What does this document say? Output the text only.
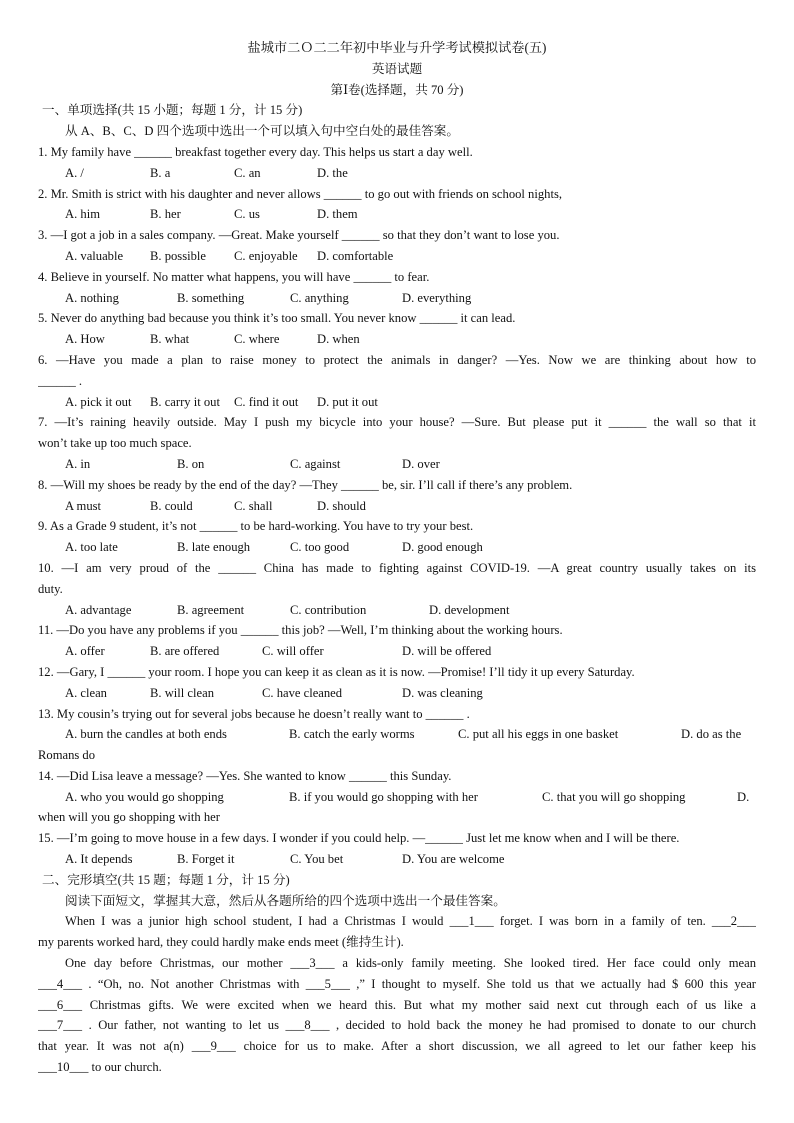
盐城市二Ｏ二二年初中毕业与升学考试模拟试卷(五)
英语试题
第Ⅰ卷(选择题，共 70 分)
一、单项选择(共 15 小题；每题 1 分，计 15 分)
从 A、B、C、D 四个选项中选出一个可以填入句中空白处的最佳答案。
1. My family have ______ breakfast together every day. This helps us start a day well.
A. /	B. a	C. an	D. the
2. Mr. Smith is strict with his daughter and never allows ______ to go out with friends on school nights,
A. him	B. her	C. us	D. them
3. —I got a job in a sales company. —Great. Make yourself ______ so that they don’t want to lose you.
A. valuable B. possible C. enjoyable D. comfortable
4. Believe in yourself. No matter what happens, you will have ______ to fear.
A. nothing	B. something	C. anything	D. everything
5. Never do anything bad because you think it’s too small. You never know ______ it can lead.
A. How	B. what	C. where	D. when
6. —Have you made a plan to raise money to protect the animals in danger? —Yes. Now we are thinking about how to
______ .
A. pick it out B. carry it out C. find it out D. put it out
7. —It’s raining heavily outside. May I push my bicycle into your house? —Sure. But please put it ______ the wall so that it
won’t take up too much space.
A. in	B. on	C. against	D. over
8. —Will my shoes be ready by the end of the day? —They ______ be, sir. I’ll call if there’s any problem.
A must	B. could	C. shall	D. should
9. As a Grade 9 student, it’s not ______ to be hard-working. You have to try your best.
A. too late	B. late enough	C. too good	D. good enough
10. —I am very proud of the ______ China has made to fighting against COVID-19. —A great country usually takes on its
duty.
A. advantage	B. agreement	C. contribution	D. development
11. —Do you have any problems if you ______ this job? —Well, I’m thinking about the working hours.
A. offer	B. are offered	C. will offer	D. will be offered
12. —Gary, I ______ your room. I hope you can keep it as clean as it is now. —Promise! I’ll tidy it up every Saturday.
A. clean	B. will clean	C. have cleaned	D. was cleaning
13. My cousin’s trying out for several jobs because he doesn’t really want to ______ .
A. burn the candles at both ends	B. catch the early worms	C. put all his eggs in one basket	D. do as the
Romans do
14. —Did Lisa leave a message? —Yes. She wanted to know ______ this Sunday.
A. who you would go shopping	B. if you would go shopping with her	C. that you will go shopping	D.
when will you go shopping with her
15. —I’m going to move house in a few days. I wonder if you could help. —______ Just let me know when and I will be there.
A. It depends	B. Forget it	C. You bet	D. You are welcome
二、完形填空(共 15 题；每题 1 分，计 15 分)
阅读下面短文，掌握其大意，然后从各题所给的四个选项中选出一个最佳答案。
When I was a junior high school student, I had a Christmas I would ___1___ forget. I was born in a family of ten. ___2___
my parents worked hard, they could hardly make ends meet (维持生计).
One day before Christmas, our mother ___3___ a kids-only family meeting. She looked tired. Her face could only mean
___4___ . “Oh, no. Not another Christmas with ___5___ ,” I thought to myself. She told us that we actually had $ 600 this year
___6___ Christmas gifts. We were excited when we heard this. But what my mother said next cut through each of us like a
___7___ . Our father, not wanting to let us ___8___ , decided to hold back the money he had promised to donate to our church
that year. It was not a(n) ___9___ choice for us to make. After a short discussion, we all agreed to let our father keep his
___10___ to our church.
